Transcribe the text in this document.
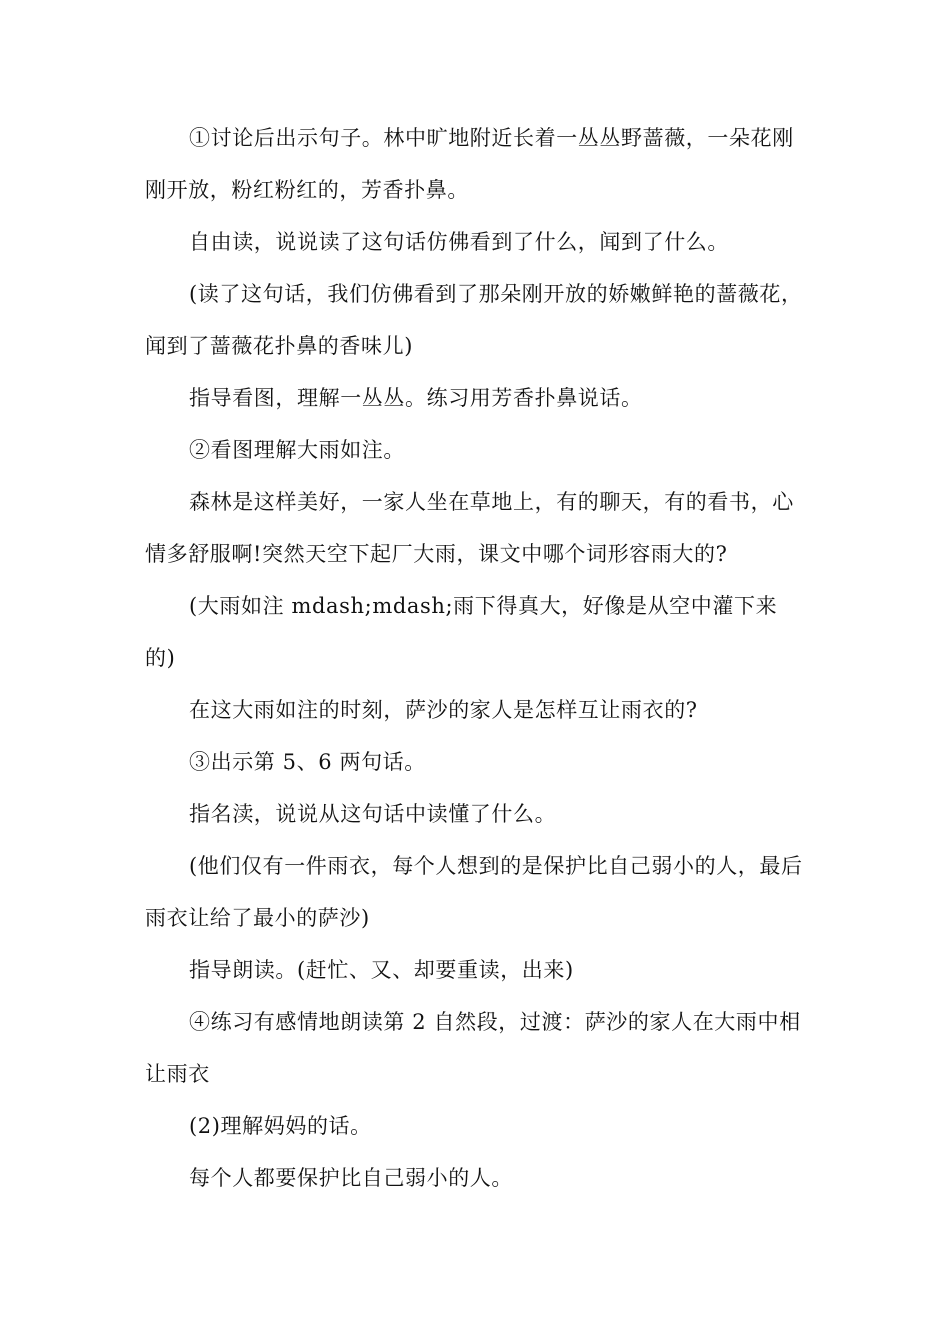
①讨论后出示句子。林中旷地附近长着一丛丛野蔷薇，一朵花刚刚开放，粉红粉红的，芳香扑鼻。

自由读，说说读了这句话仿佛看到了什么，闻到了什么。

(读了这句话，我们仿佛看到了那朵刚开放的娇嫩鲜艳的蔷薇花，闻到了蔷薇花扑鼻的香味儿)

指导看图，理解一丛丛。练习用芳香扑鼻说话。

②看图理解大雨如注。

森林是这样美好，一家人坐在草地上，有的聊天，有的看书，心情多舒服啊!突然天空下起厂大雨，课文中哪个词形容雨大的?

(大雨如注 mdash;mdash;雨下得真大，好像是从空中灌下来的)

在这大雨如注的时刻，萨沙的家人是怎样互让雨衣的?

③出示第 5、6 两句话。

指名渎，说说从这句话中读懂了什么。

(他们仅有一件雨衣，每个人想到的是保护比自己弱小的人，最后雨衣让给了最小的萨沙)

指导朗读。(赶忙、又、却要重读，出来)

④练习有感情地朗读第 2 自然段，过渡：萨沙的家人在大雨中相让雨衣

(2)理解妈妈的话。

每个人都要保护比自己弱小的人。
